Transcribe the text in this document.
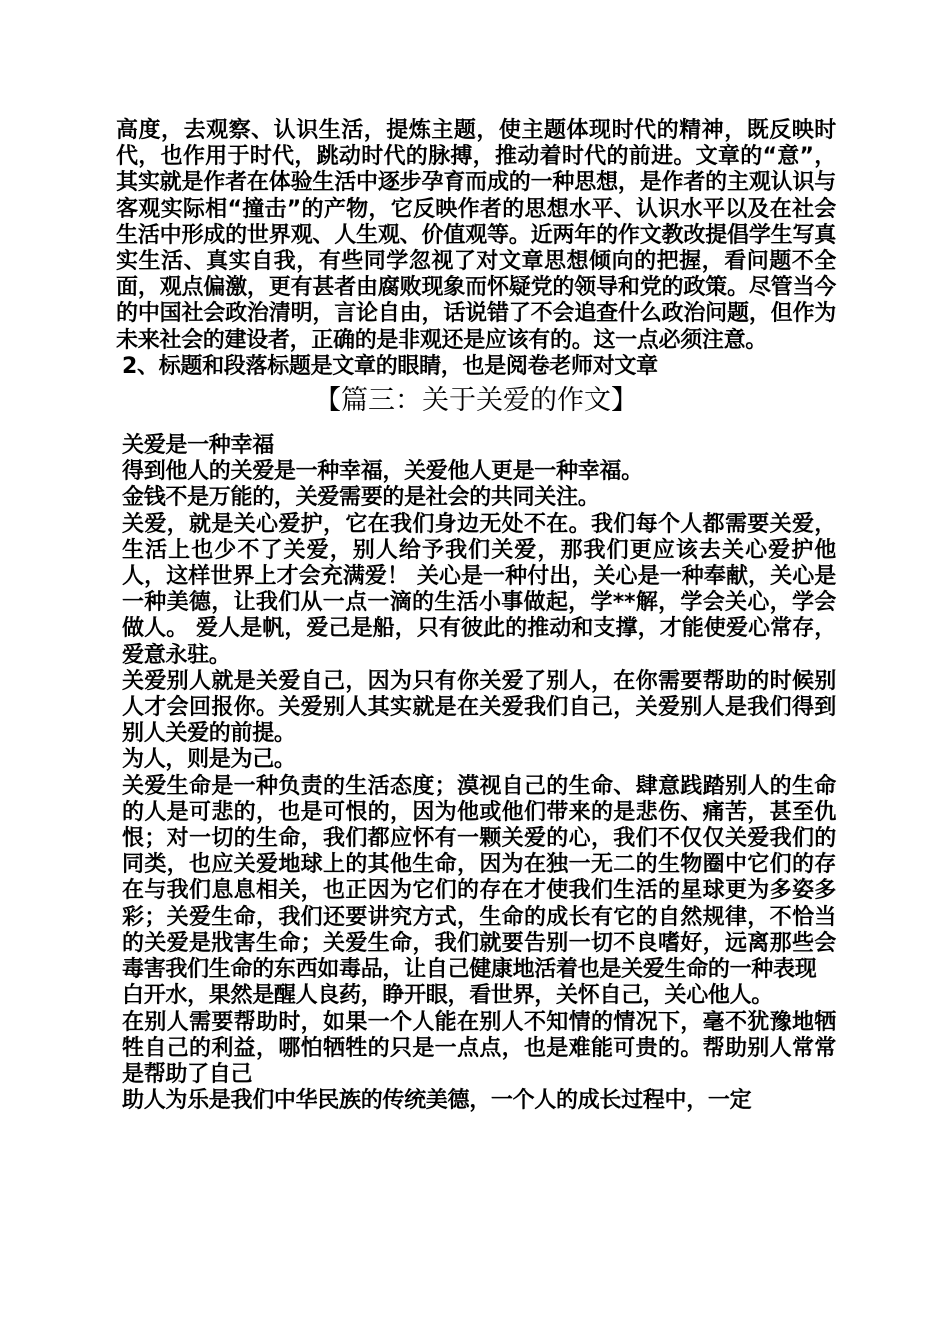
高度，去观察、认识生活，提炼主题，使主题体现时代的精神，既反映时代，也作用于时代，跳动时代的脉搏，推动着时代的前进。文章的“意”，其实就是作者在体验生活中逐步孕育而成的一种思想，是作者的主观认识与客观实际相“撞击”的产物，它反映作者的思想水平、认识水平以及在社会生活中形成的世界观、人生观、价值观等。近两年的作文教改提倡学生写真实生活、真实自我，有些同学忽视了对文章思想倾向的把握，看问题不全面，观点偏激，更有甚者由腐败现象而怀疑党的领导和党的政策。尽管当今的中国社会政治清明，言论自由，话说错了不会追查什么政治问题，但作为未来社会的建设者，正确的是非观还是应该有的。这一点必须注意。

2、标题和段落标题是文章的眼睛，也是阅卷老师对文章

【篇三：关于关爱的作文】

关爱是一种幸福

得到他人的关爱是一种幸福，关爱他人更是一种幸福。

金钱不是万能的，关爱需要的是社会的共同关注。

关爱，就是关心爱护，它在我们身边无处不在。我们每个人都需要关爱，生活上也少不了关爱，别人给予我们关爱，那我们更应该去关心爱护他人，这样世界上才会充满爱！ 关心是一种付出，关心是一种奉献，关心是一种美德，让我们从一点一滴的生活小事做起，学**解，学会关心，学会做人。 爱人是帆，爱己是船，只有彼此的推动和支撑，才能使爱心常存，爱意永驻。

关爱别人就是关爱自己，因为只有你关爱了别人，在你需要帮助的时候别人才会回报你。关爱别人其实就是在关爱我们自己，关爱别人是我们得到别人关爱的前提。

为人，则是为己。

关爱生命是一种负责的生活态度；漠视自己的生命、肆意践踏别人的生命的人是可悲的，也是可恨的，因为他或他们带来的是悲伤、痛苦，甚至仇恨；对一切的生命，我们都应怀有一颗关爱的心，我们不仅仅关爱我们的同类，也应关爱地球上的其他生命，因为在独一无二的生物圈中它们的存在与我们息息相关，也正因为它们的存在才使我们生活的星球更为多姿多彩；关爱生命，我们还要讲究方式，生命的成长有它的自然规律，不恰当的关爱是戕害生命；关爱生命，我们就要告别一切不良嗜好，远离那些会毒害我们生命的东西如毒品，让自己健康地活着也是关爱生命的一种表现

白开水，果然是醒人良药，睁开眼，看世界，关怀自己，关心他人。

在别人需要帮助时，如果一个人能在别人不知情的情况下，毫不犹豫地牺牲自己的利益，哪怕牺牲的只是一点点，也是难能可贵的。帮助别人常常是帮助了自己

助人为乐是我们中华民族的传统美德，一个人的成长过程中，一定
